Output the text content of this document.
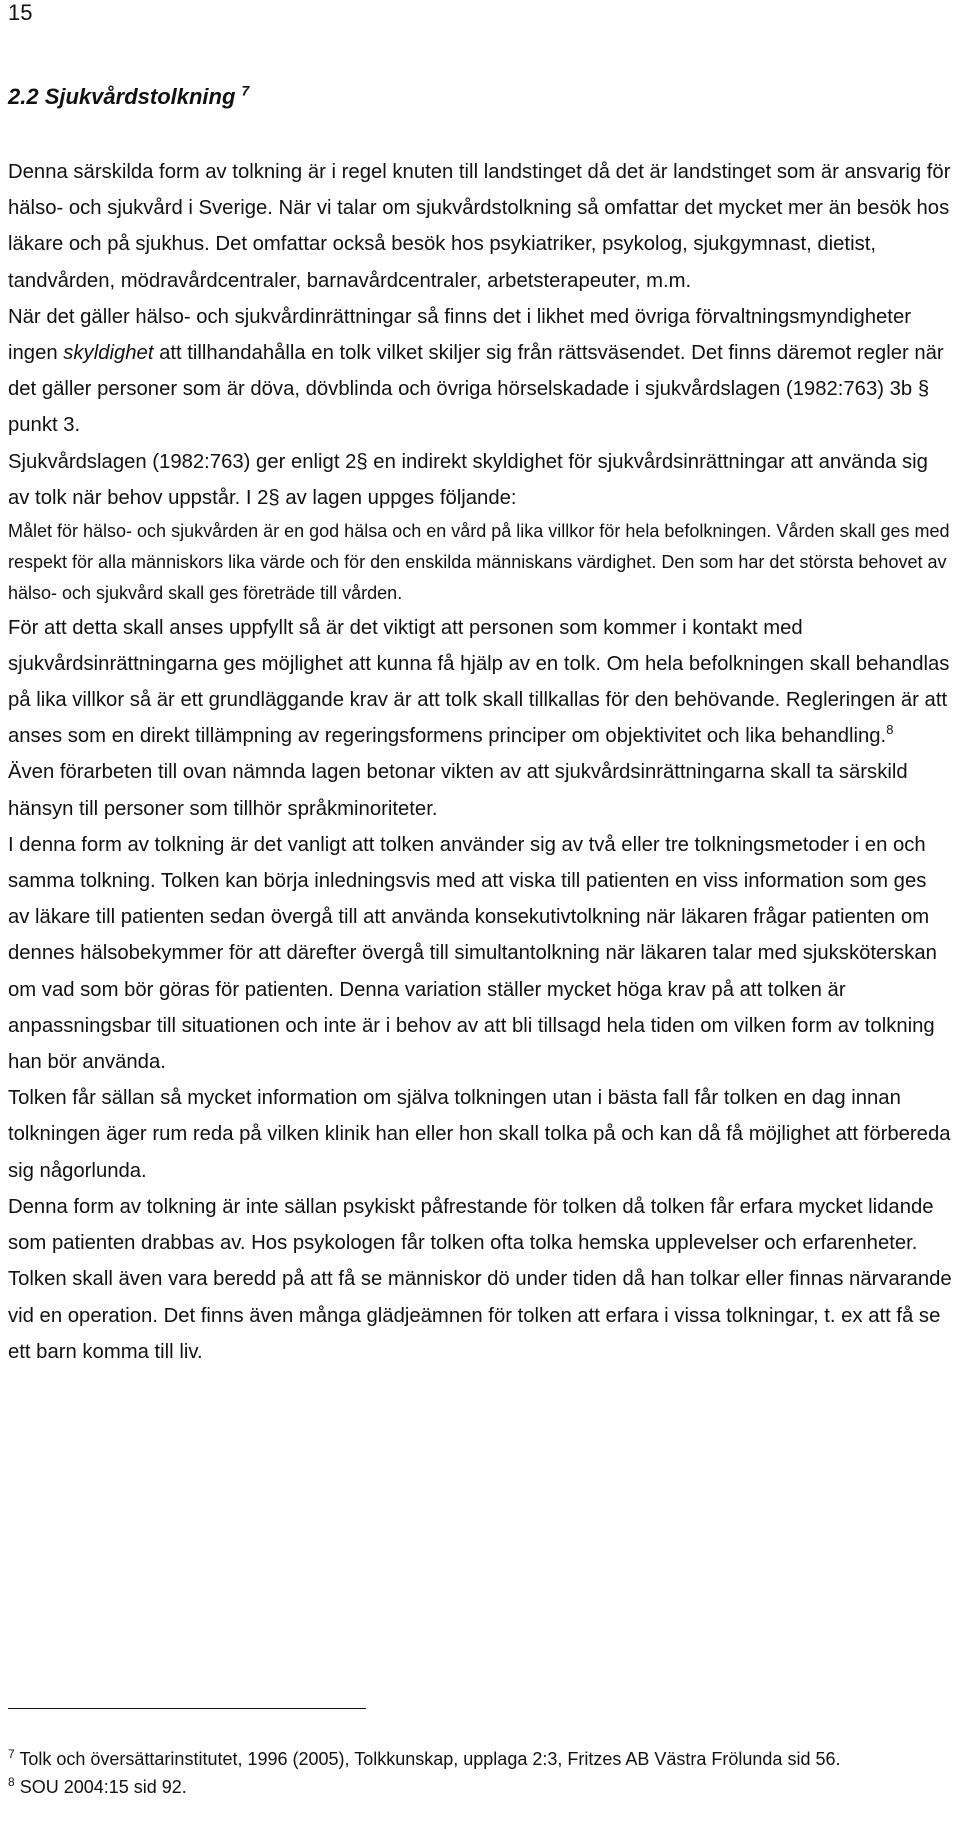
15
2.2 Sjukvårdstolkning $^7$

Denna särskilda form av tolkning är i regel knuten till landstinget då det är landstinget som är ansvarig för hälso- och sjukvård i Sverige. När vi talar om sjukvårdstolkning så omfattar det mycket mer än besök hos läkare och på sjukhus. Det omfattar också besök hos psykiatriker, psykolog, sjukgymnast, dietist, tandvården, mödravårdcentraler, barnavårdcentraler, arbetsterapeuter, m.m.

När det gäller hälso- och sjukvårdinrättningar så finns det i likhet med övriga förvaltningsmyndigheter ingen skyldighet att tillhandahålla en tolk vilket skiljer sig från rättsväsendet. Det finns däremot regler när det gäller personer som är döva, dövblinda och övriga hörselskadade i sjukvårdslagen (1982:763) 3b § punkt 3.

Sjukvårdslagen (1982:763) ger enligt 2§ en indirekt skyldighet för sjukvårdsinrättningar att använda sig av tolk när behov uppstår. I 2§ av lagen uppges följande:

Målet för hälso- och sjukvården är en god hälsa och en vård på lika villkor för hela befolkningen. Vården skall ges med respekt för alla människors lika värde och för den enskilda människans värdighet. Den som har det största behovet av hälso- och sjukvård skall ges företräde till vården.

För att detta skall anses uppfyllt så är det viktigt att personen som kommer i kontakt med sjukvårdsinrättningarna ges möjlighet att kunna få hjälp av en tolk. Om hela befolkningen skall behandlas på lika villkor så är ett grundläggande krav är att tolk skall tillkallas för den behövande. Regleringen är att anses som en direkt tillämpning av regeringsformens principer om objektivitet och lika behandling.$^8$

Även förarbeten till ovan nämnda lagen betonar vikten av att sjukvårdsinrättningarna skall ta särskild hänsyn till personer som tillhör språkminoriteter.

I denna form av tolkning är det vanligt att tolken använder sig av två eller tre tolkningsmetoder i en och samma tolkning. Tolken kan börja inledningsvis med att viska till patienten en viss information som ges av läkare till patienten sedan övergå till att använda konsekutivtolkning när läkaren frågar patienten om dennes hälsobekymmer för att därefter övergå till simultantolkning när läkaren talar med sjuksköterskan om vad som bör göras för patienten. Denna variation ställer mycket höga krav på att tolken är anpassningsbar till situationen och inte är i behov av att bli tillsagd hela tiden om vilken form av tolkning han bör använda.

Tolken får sällan så mycket information om själva tolkningen utan i bästa fall får tolken en dag innan tolkningen äger rum reda på vilken klinik han eller hon skall tolka på och kan då få möjlighet att förbereda sig någorlunda.

Denna form av tolkning är inte sällan psykiskt påfrestande för tolken då tolken får erfara mycket lidande som patienten drabbas av. Hos psykologen får tolken ofta tolka hemska upplevelser och erfarenheter. Tolken skall även vara beredd på att få se människor dö under tiden då han tolkar eller finnas närvarande vid en operation. Det finns även många glädjeämnen för tolken att erfara i vissa tolkningar, t. ex att få se ett barn komma till liv.

$^7$ Tolk och översättarinstitutet, 1996 (2005), Tolkkunskap, upplaga 2:3, Fritzes AB Västra Frölunda sid 56.

$^8$ SOU 2004:15 sid 92.
